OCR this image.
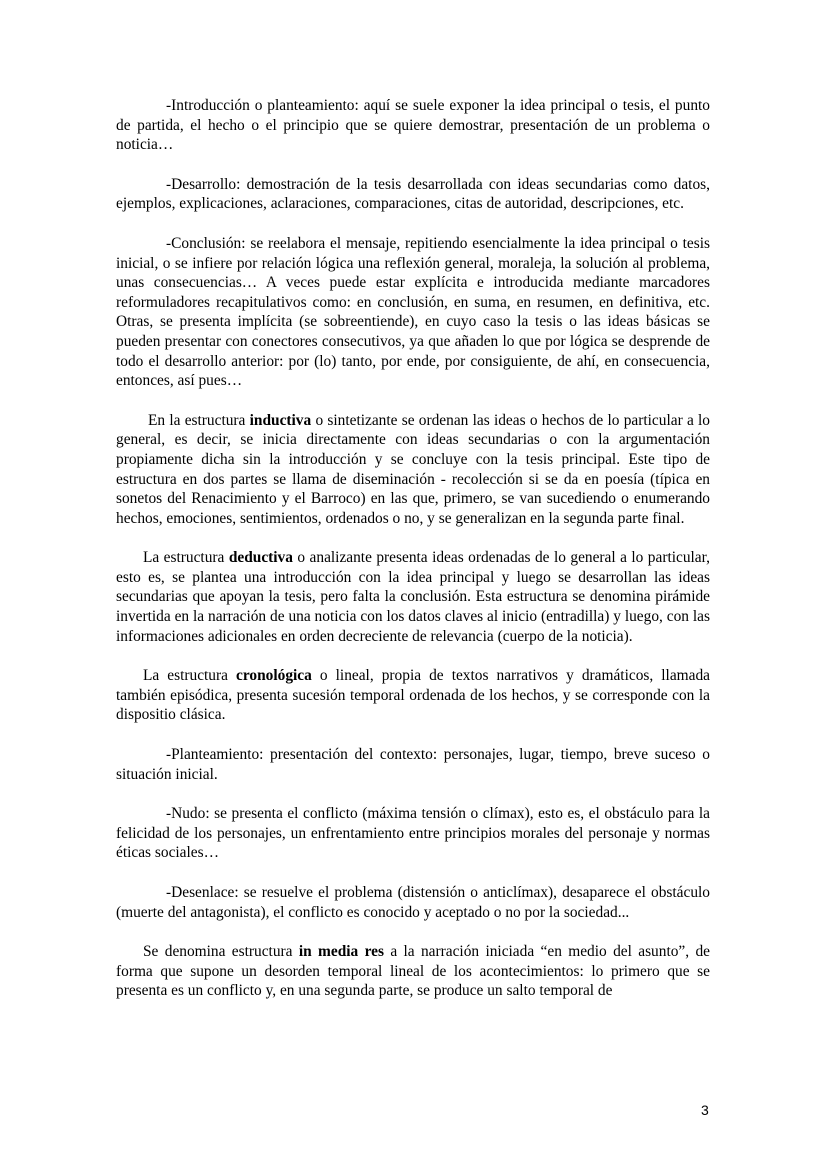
-Introducción o planteamiento: aquí se suele exponer la idea principal o tesis, el punto de partida, el hecho o el principio que se quiere demostrar, presentación de un problema o noticia…

-Desarrollo: demostración de la tesis desarrollada con ideas secundarias como datos, ejemplos, explicaciones, aclaraciones, comparaciones, citas de autoridad, descripciones, etc.

-Conclusión: se reelabora el mensaje, repitiendo esencialmente la idea principal o tesis inicial, o se infiere por relación lógica una reflexión general, moraleja, la solución al problema, unas consecuencias… A veces puede estar explícita e introducida mediante marcadores reformuladores recapitulativos como: en conclusión, en suma, en resumen, en definitiva, etc. Otras, se presenta implícita (se sobreentiende), en cuyo caso la tesis o las ideas básicas se pueden presentar con conectores consecutivos, ya que añaden lo que por lógica se desprende de todo el desarrollo anterior: por (lo) tanto, por ende, por consiguiente, de ahí, en consecuencia, entonces, así pues…

En la estructura inductiva o sintetizante se ordenan las ideas o hechos de lo particular a lo general, es decir, se inicia directamente con ideas secundarias o con la argumentación propiamente dicha sin la introducción y se concluye con la tesis principal. Este tipo de estructura en dos partes se llama de diseminación - recolección si se da en poesía (típica en sonetos del Renacimiento y el Barroco) en las que, primero, se van sucediendo o enumerando hechos, emociones, sentimientos, ordenados o no, y se generalizan en la segunda parte final.

La estructura deductiva o analizante presenta ideas ordenadas de lo general a lo particular, esto es, se plantea una introducción con la idea principal y luego se desarrollan las ideas secundarias que apoyan la tesis, pero falta la conclusión. Esta estructura se denomina pirámide invertida en la narración de una noticia con los datos claves al inicio (entradilla) y luego, con las informaciones adicionales en orden decreciente de relevancia (cuerpo de la noticia).

La estructura cronológica o lineal, propia de textos narrativos y dramáticos, llamada también episódica, presenta sucesión temporal ordenada de los hechos, y se corresponde con la dispositio clásica.

-Planteamiento: presentación del contexto: personajes, lugar, tiempo, breve suceso o situación inicial.

-Nudo: se presenta el conflicto (máxima tensión o clímax), esto es, el obstáculo para la felicidad de los personajes, un enfrentamiento entre principios morales del personaje y normas éticas sociales…

-Desenlace: se resuelve el problema (distensión o anticlímax), desaparece el obstáculo (muerte del antagonista), el conflicto es conocido y aceptado o no por la sociedad...

Se denomina estructura in media res a la narración iniciada “en medio del asunto”, de forma que supone un desorden temporal lineal de los acontecimientos: lo primero que se presenta es un conflicto y, en una segunda parte, se produce un salto temporal de

3
